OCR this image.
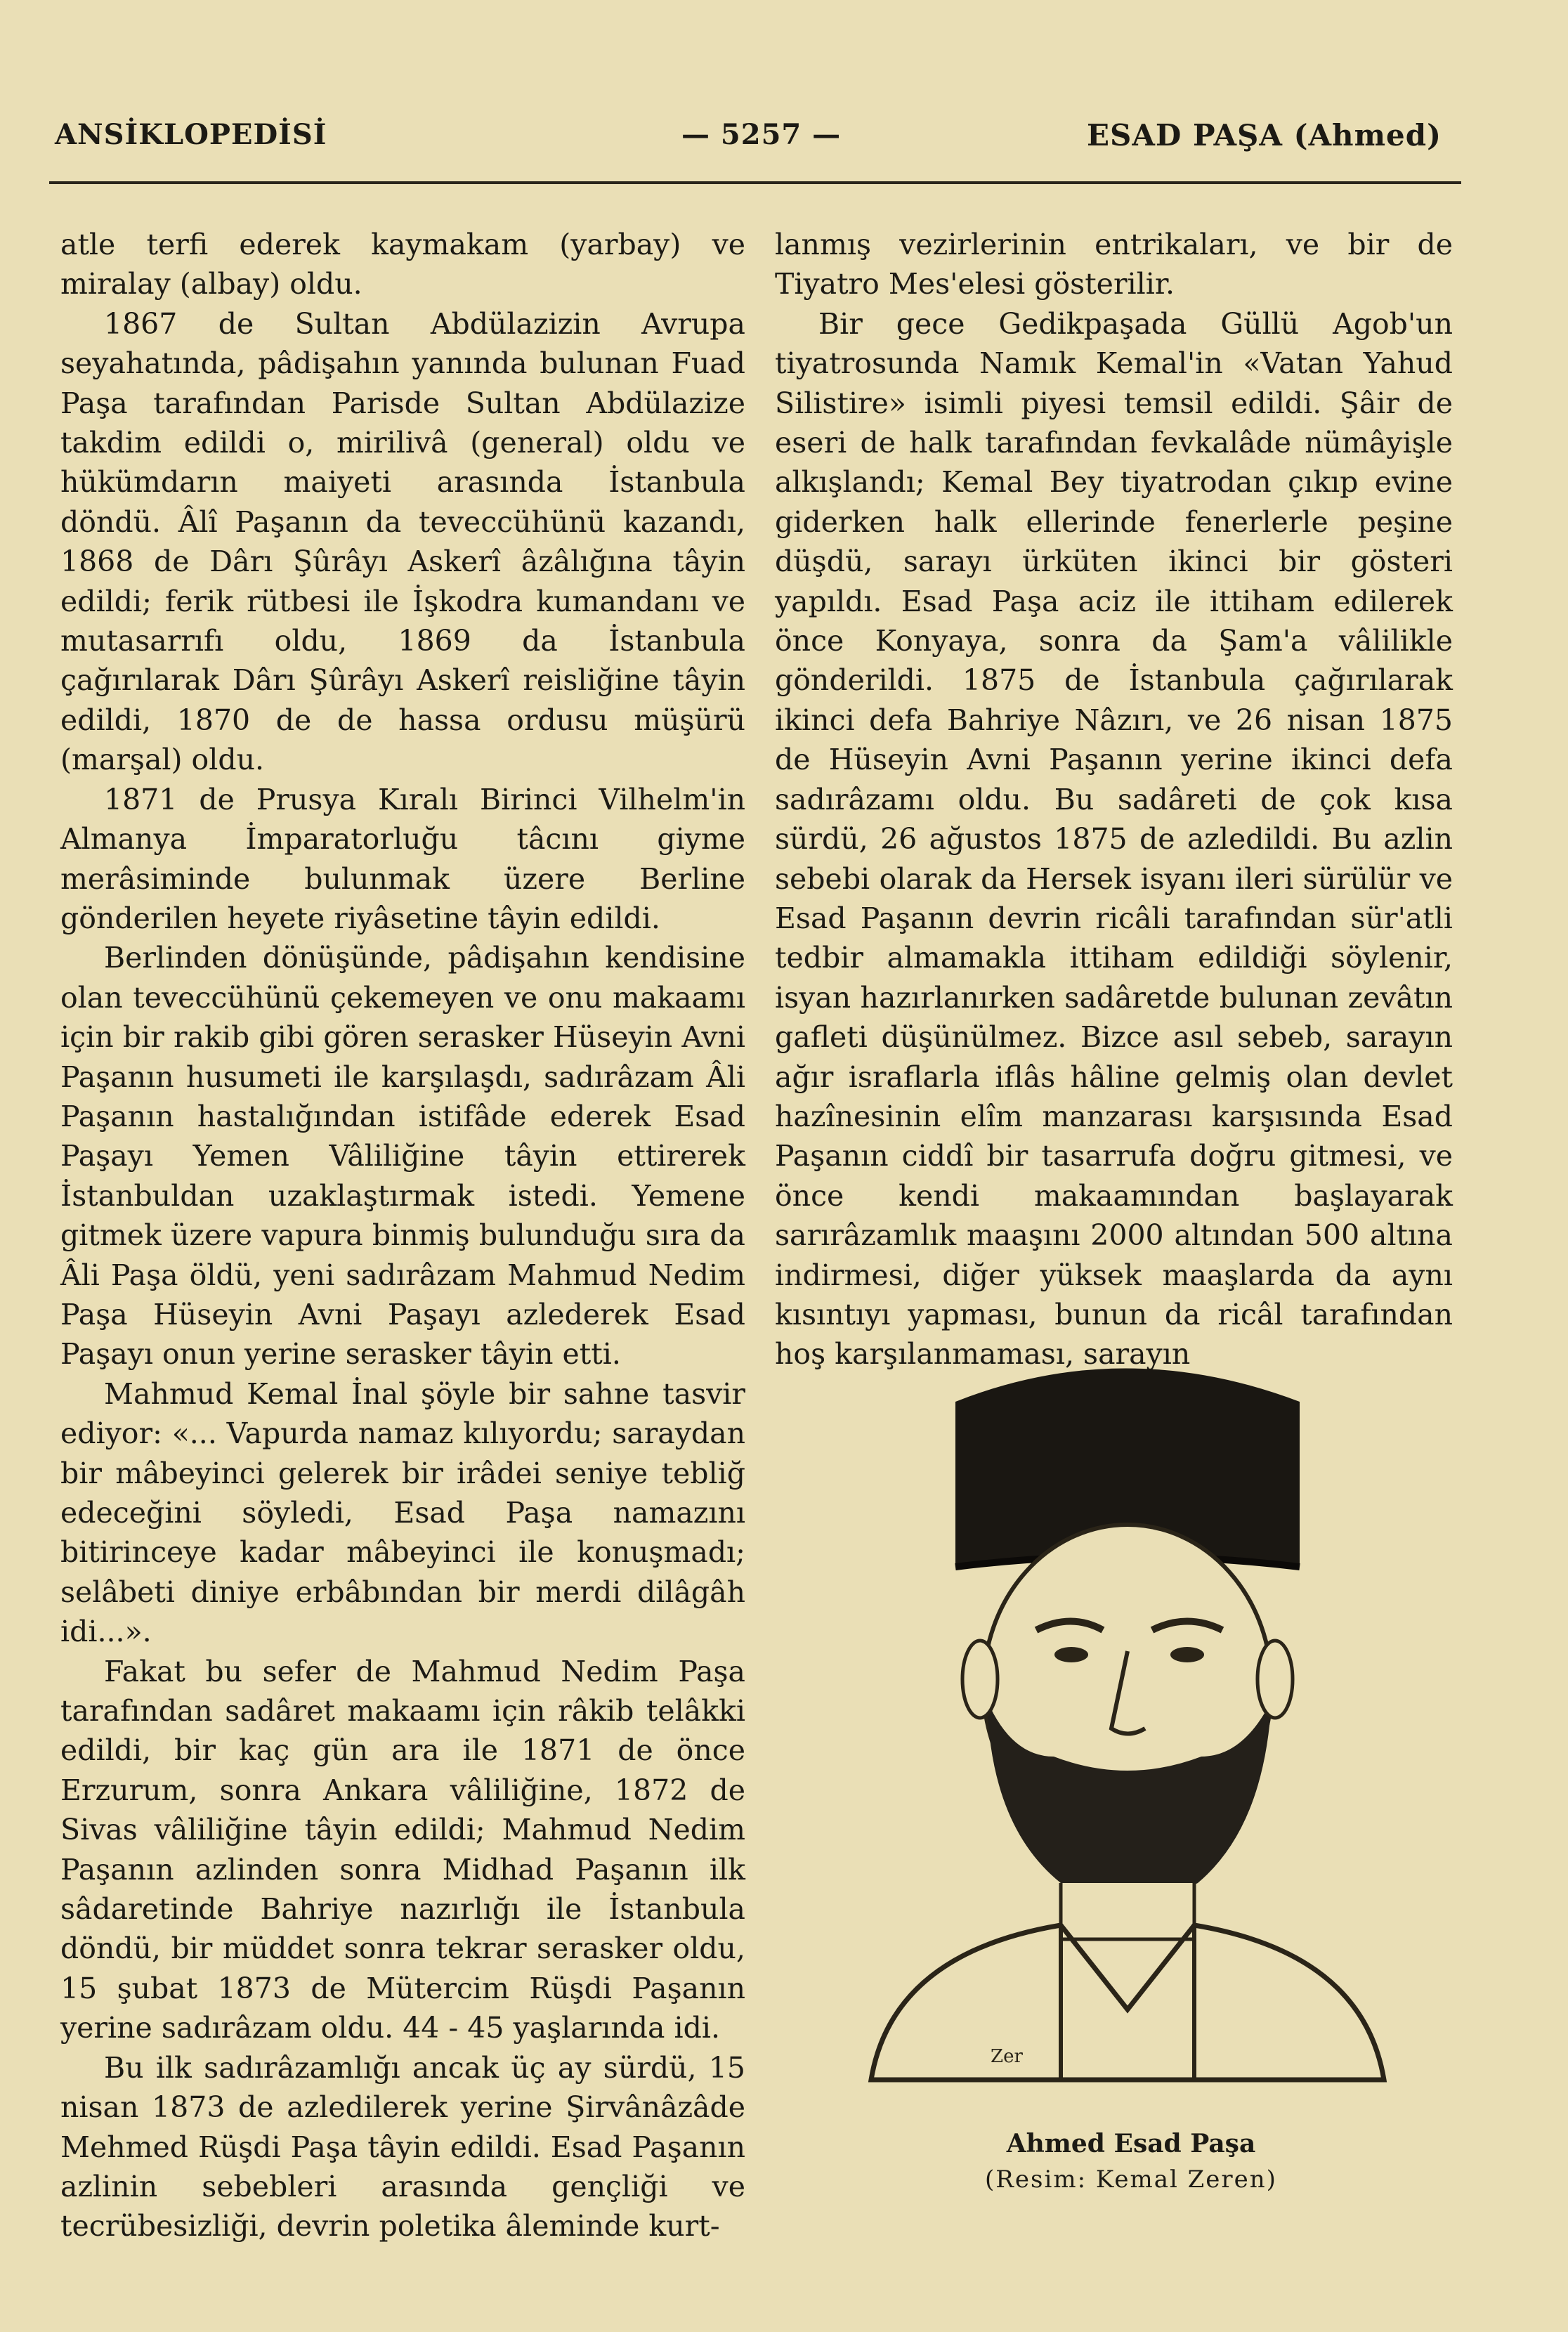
ANSİKLOPEDİSİ	— 5257 —	ESAD PAŞA (Ahmed)

atle terfi ederek kaymakam (yarbay) ve miralay (albay) oldu.

1867 de Sultan Abdülazizin Avrupa seyahatında, pâdişahın yanında bulunan Fuad Paşa tarafından Parisde Sultan Abdülazize takdim edildi o, mirilivâ (general) oldu ve hükümdarın maiyeti arasında İstanbula döndü. Âlî Paşanın da teveccühünü kazandı, 1868 de Dârı Şûrâyı Askerî âzâlığına tâyin edildi; ferik rütbesi ile İşkodra kumandanı ve mutasarrıfı oldu, 1869 da İstanbula çağırılarak Dârı Şûrâyı Askerî reisliğine tâyin edildi, 1870 de de hassa ordusu müşürü (marşal) oldu.

1871 de Prusya Kıralı Birinci Vilhelm'in Almanya İmparatorluğu tâcını giyme merâsiminde bulunmak üzere Berline gönderilen heyete riyâsetine tâyin edildi.

Berlinden dönüşünde, pâdişahın kendisine olan teveccühünü çekemeyen ve onu makaamı için bir rakib gibi gören serasker Hüseyin Avni Paşanın husumeti ile karşılaşdı, sadırâzam Âli Paşanın hastalığından istifâde ederek Esad Paşayı Yemen Vâliliğine tâyin ettirerek İstanbuldan uzaklaştırmak istedi. Yemene gitmek üzere vapura binmiş bulunduğu sıra da Âli Paşa öldü, yeni sadırâzam Mahmud Nedim Paşa Hüseyin Avni Paşayı azlederek Esad Paşayı onun yerine serasker tâyin etti.

Mahmud Kemal İnal şöyle bir sahne tasvir ediyor: «... Vapurda namaz kılıyordu; saraydan bir mâbeyinci gelerek bir irâdei seniye tebliğ edeceğini söyledi, Esad Paşa namazını bitirinceye kadar mâbeyinci ile konuşmadı; selâbeti diniye erbâbından bir merdi dilâgâh idi...».

Fakat bu sefer de Mahmud Nedim Paşa tarafından sadâret makaamı için râkib telâkki edildi, bir kaç gün ara ile 1871 de önce Erzurum, sonra Ankara vâliliğine, 1872 de Sivas vâliliğine tâyin edildi; Mahmud Nedim Paşanın azlinden sonra Midhad Paşanın ilk sâdaretinde Bahriye nazırlığı ile İstanbula döndü, bir müddet sonra tekrar serasker oldu, 15 şubat 1873 de Mütercim Rüşdi Paşanın yerine sadırâzam oldu. 44 - 45 yaşlarında idi.

Bu ilk sadırâzamlığı ancak üç ay sürdü, 15 nisan 1873 de azledilerek yerine Şirvânâzâde Mehmed Rüşdi Paşa tâyin edildi. Esad Paşanın azlinin sebebleri arasında gençliği ve tecrübesizliği, devrin poletika âleminde kurt-

lanmış vezirlerinin entrikaları, ve bir de Tiyatro Mes'elesi gösterilir.

Bir gece Gedikpaşada Güllü Agob'un tiyatrosunda Namık Kemal'in «Vatan Yahud Silistire» isimli piyesi temsil edildi. Şâir de eseri de halk tarafından fevkalâde nümâyişle alkışlandı; Kemal Bey tiyatrodan çıkıp evine giderken halk ellerinde fenerlerle peşine düşdü, sarayı ürküten ikinci bir gösteri yapıldı. Esad Paşa aciz ile ittiham edilerek önce Konyaya, sonra da Şam'a vâlilikle gönderildi. 1875 de İstanbula çağırılarak ikinci defa Bahriye Nâzırı, ve 26 nisan 1875 de Hüseyin Avni Paşanın yerine ikinci defa sadırâzamı oldu. Bu sadâreti de çok kısa sürdü, 26 ağustos 1875 de azledildi. Bu azlin sebebi olarak da Hersek isyanı ileri sürülür ve Esad Paşanın devrin ricâli tarafından sür'atli tedbir almamakla ittiham edildiği söylenir, isyan hazırlanırken sadâretde bulunan zevâtın gafleti düşünülmez. Bizce asıl sebeb, sarayın ağır israflarla iflâs hâline gelmiş olan devlet hazînesinin elîm manzarası karşısında Esad Paşanın ciddî bir tasarrufa doğru gitmesi, ve önce kendi makaamından başlayarak sarırâzamlık maaşını 2000 altından 500 altına indirmesi, diğer yüksek maaşlarda da aynı kısıntıyı yapması, bunun da ricâl tarafından hoş karşılanmaması, sarayın

Zer
Ahmed Esad Paşa
(Resim: Kemal Zeren)
